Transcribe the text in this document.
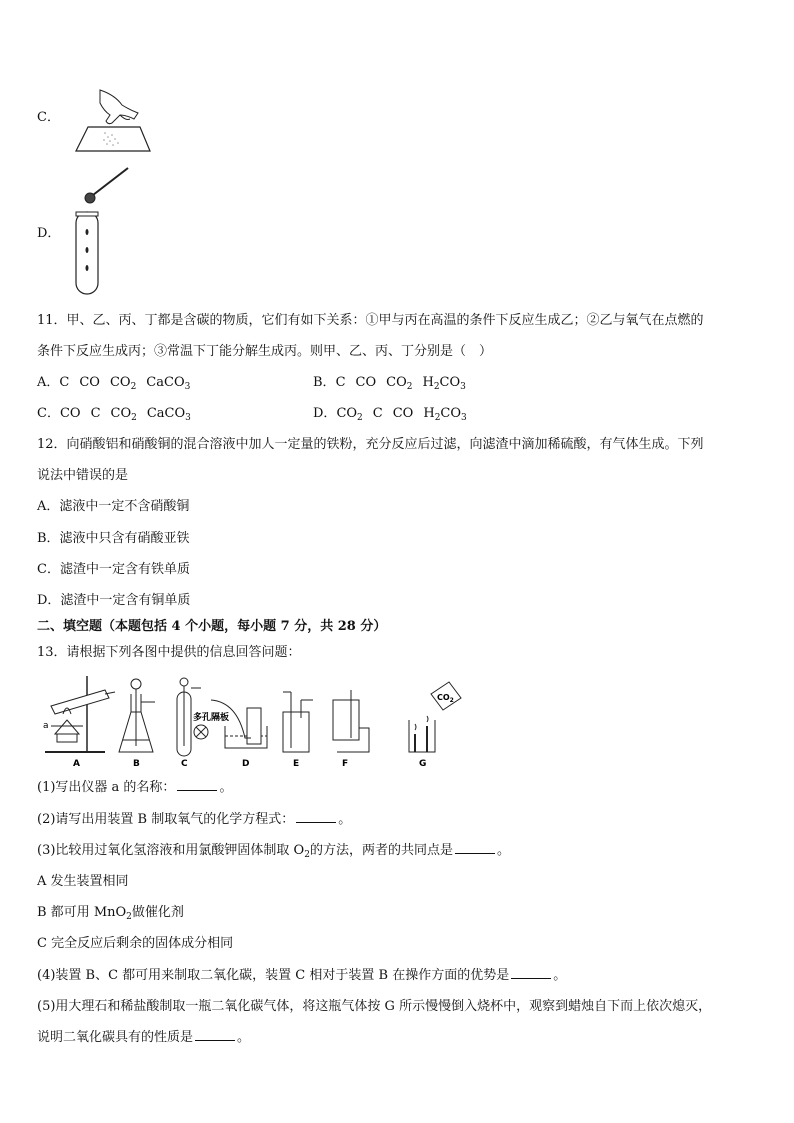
C．
D．
11．甲、乙、丙、丁都是含碳的物质，它们有如下关系：①甲与丙在高温的条件下反应生成乙；②乙与氧气在点燃的
条件下反应生成丙；③常温下丁能分解生成丙。则甲、乙、丙、丁分别是（　）
A．C CO $CO_2$ CaCO$_3$	B．C CO $CO_2$ $H_2CO_3$
C．CO C $CO_2$ CaCO$_3$	D．$CO_2$ C CO $H_2CO_3$
12．向硝酸铝和硝酸铜的混合溶液中加人一定量的铁粉，充分反应后过滤，向滤渣中滴加稀硫酸，有气体生成。下列
说法中错误的是
A．滤液中一定不含硝酸铜
B．滤液中只含有硝酸亚铁
C．滤渣中一定含有铁单质
D．滤渣中一定含有铜单质
二、填空题（本题包括 4 个小题，每小题 7 分，共 28 分）
13．请根据下列各图中提供的信息回答问题：
a
多孔隔板
$CO_2$
A	B	C	D	E	F	G
(1)写出仪器 a 的名称：	。
(2)请写出用装置 B 制取氧气的化学方程式：	。
(3)比较用过氧化氢溶液和用氯酸钾固体制取 $O_2$的方法，两者的共同点是	。
A 发生装置相同
B 都可用 MnO$_2$做催化剂
C 完全反应后剩余的固体成分相同
(4)装置 B、C 都可用来制取二氧化碳，装置 C 相对于装置 B 在操作方面的优势是	。
(5)用大理石和稀盐酸制取一瓶二氧化碳气体，将这瓶气体按 G 所示慢慢倒入烧杯中，观察到蜡烛自下而上依次熄灭，
说明二氧化碳具有的性质是	。
